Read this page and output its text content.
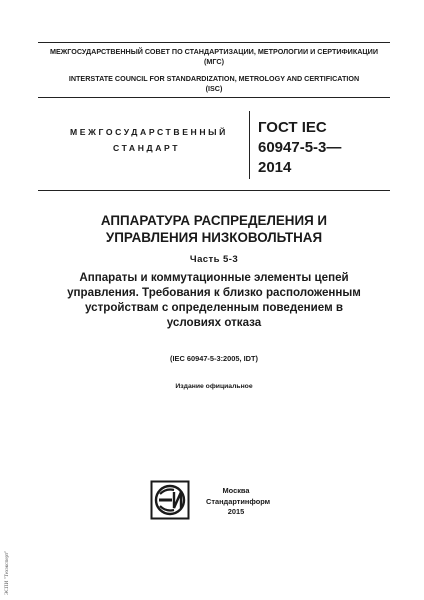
МЕЖГОСУДАРСТВЕННЫЙ СОВЕТ ПО СТАНДАРТИЗАЦИИ, МЕТРОЛОГИИ И СЕРТИФИКАЦИИ
(МГС)
INTERSTATE COUNCIL FOR STANDARDIZATION, METROLOGY AND CERTIFICATION
(ISC)
МЕЖГОСУДАРСТВЕННЫЙ
СТАНДАРТ
ГОСТ IEC
60947-5-3—
2014
АППАРАТУРА РАСПРЕДЕЛЕНИЯ И
УПРАВЛЕНИЯ НИЗКОВОЛЬТНАЯ
Часть 5-3
Аппараты и коммутационные элементы цепей
управления. Требования к близко расположенным
устройствам с определенным поведением в
условиях отказа
(IEC 60947-5-3:2005, IDT)
Издание официальное
Москва
Стандартинформ
2015
ЭСПИ "Техэксперт"
